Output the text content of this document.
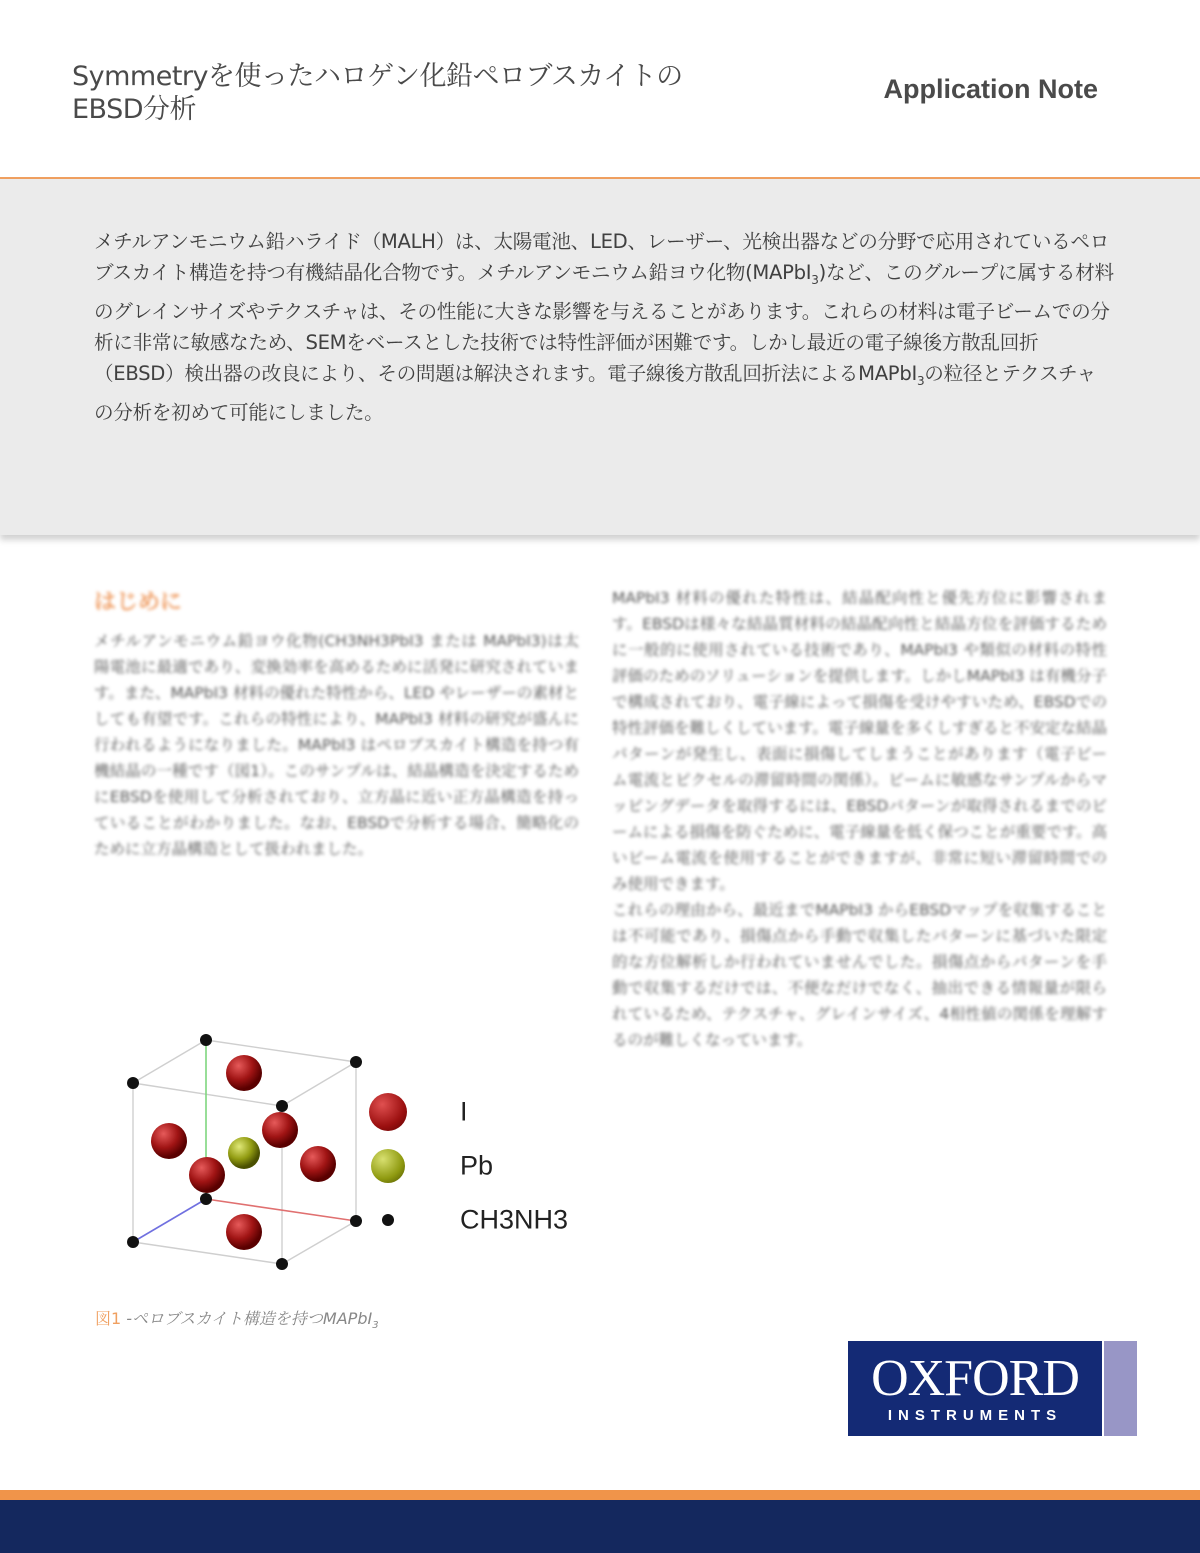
Symmetryを使ったハロゲン化鉛ペロブスカイトの
EBSD分析
Application Note

メチルアンモニウム鉛ハライド（MALH）は、太陽電池、LED、レーザー、光検出器などの分野で応用されているペロブスカイト構造を持つ有機結晶化合物です。メチルアンモニウム鉛ヨウ化物(MAPbI$_3$)など、このグループに属する材料のグレインサイズやテクスチャは、その性能に大きな影響を与えることがあります。これらの材料は電子ビームでの分析に非常に敏感なため、SEMをベースとした技術では特性評価が困難です。しかし最近の電子線後方散乱回折（EBSD）検出器の改良により、その問題は解決されます。電子線後方散乱回折法によるMAPbI$_3$の粒径とテクスチャの分析を初めて可能にしました。

はじめに

メチルアンモニウム鉛ヨウ化物(CH3NH3PbI3 または MAPbI3)は太陽電池に最適であり、変換効率を高めるために活発に研究されています。また、MAPbI3 材料の優れた特性から、LED やレーザーの素材としても有望です。これらの特性により、MAPbI3 材料の研究が盛んに行われるようになりました。MAPbI3 はペロブスカイト構造を持つ有機結晶の一種です（図1）。このサンプルは、結晶構造を決定するためにEBSDを使用して分析されており、立方晶に近い正方晶構造を持っていることがわかりました。なお、EBSDで分析する場合、簡略化のために立方晶構造として扱われました。

MAPbI3 材料の優れた特性は、結晶配向性と優先方位に影響されます。EBSDは様々な結晶質材料の結晶配向性と結晶方位を評価するために一般的に使用されている技術であり、MAPbI3 や類似の材料の特性評価のためのソリューションを提供します。しかしMAPbI3 は有機分子で構成されており、電子線によって損傷を受けやすいため、EBSDでの特性評価を難しくしています。電子線量を多くしすぎると不安定な結晶パターンが発生し、表面に損傷してしまうことがあります（電子ビーム電流とピクセルの滞留時間の関係）。ビームに敏感なサンプルからマッピングデータを取得するには、EBSDパターンが取得されるまでのビームによる損傷を防ぐために、電子線量を低く保つことが重要です。高いビーム電流を使用することができますが、非常に短い滞留時間でのみ使用できます。

これらの理由から、最近までMAPbI3 からEBSDマップを収集することは不可能であり、損傷点から手動で収集したパターンに基づいた限定的な方位解析しか行われていませんでした。損傷点からパターンを手動で収集するだけでは、不便なだけでなく、抽出できる情報量が限られているため、テクスチャ、グレインサイズ、4相性値の関係を理解するのが難しくなっています。

I
Pb
CH3NH3
図1 -ペロブスカイト構造を持つMAPbI$_3$
OXFORD
INSTRUMENTS
